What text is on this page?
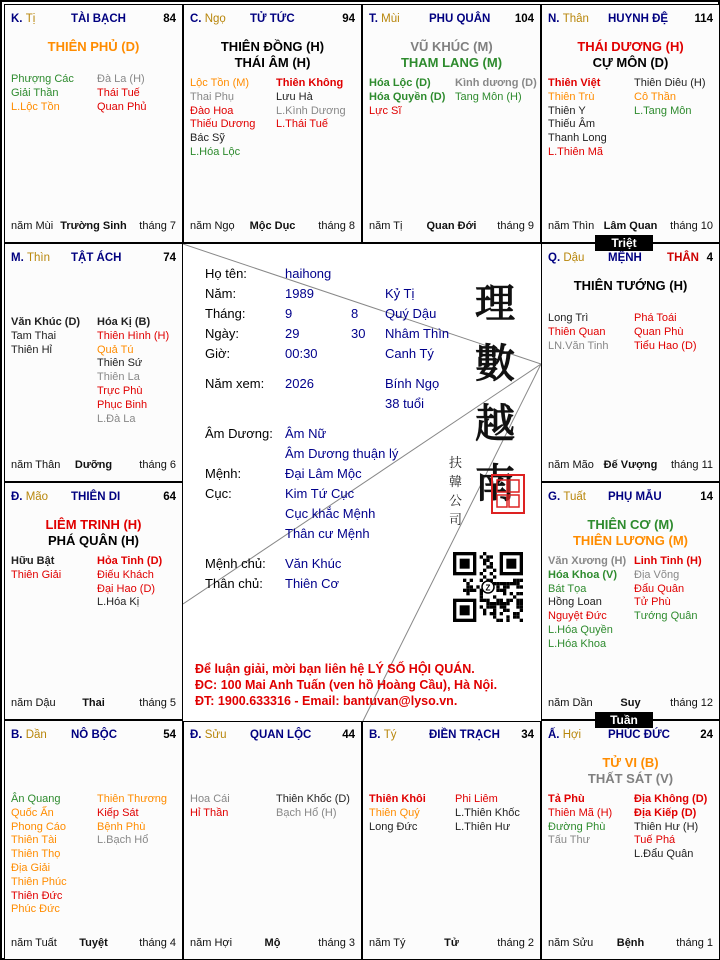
K. Tị	TÀI BẠCH	84
THIÊN PHỦ (D)
Phượng Các
Giải Thần
L.Lộc Tồn
Đà La (H)
Thái Tuế
Quan Phủ
năm Mùi Trường Sinh tháng 7
C. Ngọ TỬ TỨC	94
THIÊN ĐỒNG (H)
THÁI ÂM (H)
Lộc Tồn (M)
Thai Phụ
Đào Hoa
Thiếu Dương
Bác Sỹ
L.Hóa Lộc
Thiên Không
Lưu Hà
L.Kình Dương
L.Thái Tuế
năm Ngọ Mộc Dục tháng 8
T. Mùi	PHU QUÂN 104
VŨ KHÚC (M)
THAM LANG (M)
Hóa Lộc (D)
Hóa Quyền (D)
Lực Sĩ
Kình dương (D)
Tang Môn (H)
năm Tị Quan Đới tháng 9
N. Thân HUYNH ĐỆ 114
THÁI DƯƠNG (H)
CỰ MÔN (D)
Thiên Việt
Thiên Trù
Thiên Y
Thiếu Âm
Thanh Long
L.Thiên Mã
Thiên Diêu (H)
Cô Thần
L.Tang Môn
năm Thìn Lâm Quan tháng 10
M. Thìn TẬT ÁCH	74
Văn Khúc (D)
Tam Thai
Thiên Hỉ
Hóa Kị (B)
Thiên Hình (H)
Quả Tú
Thiên Sứ
Thiên La
Trực Phù
Phục Binh
L.Đà La
năm Thân Dưỡng tháng 6
Q. Dậu MỆNH THÂN 4
THIÊN TƯỚNG (H)
Long Trì
Thiên Quan
LN.Văn Tinh
Phá Toái
Quan Phù
Tiểu Hao (D)
năm Mão Đế Vượng tháng 11
Đ. Mão THIÊN DI	64
LIÊM TRINH (H)
PHÁ QUÂN (H)
Hữu Bật
Thiên Giải
Hỏa Tinh (D)
Điếu Khách
Đại Hao (D)
L.Hóa Kị
năm Dậu Thai	tháng 5
G. Tuất PHỤ MẪU	14
THIÊN CƠ (M)
THIÊN LƯƠNG (M)
Văn Xương (H)
Hóa Khoa (V)
Bát Tọa
Hồng Loan
Nguyệt Đức
L.Hóa Quyền
L.Hóa Khoa
Linh Tinh (H)
Địa Võng
Đẩu Quân
Tử Phù
Tướng Quân
năm Dần	Suy	tháng 12
B. Dần NÔ BỘC	54
Ân Quang
Quốc Ấn
Phong Cáo
Thiên Tài
Thiên Thọ
Địa Giải
Thiên Phúc
Thiên Đức
Phúc Đức
Thiên Thương
Kiếp Sát
Bệnh Phù
L.Bạch Hổ
năm Tuất Tuyệt	tháng 4
Đ. Sửu QUAN LỘC	44
Hoa Cái
Hỉ Thần
Thiên Khốc (D)
Bạch Hổ (H)
năm Hợi	Mộ	tháng 3
B. Tý	ĐIỀN TRẠCH 34
Thiên Khôi
Thiên Quý
Long Đức
Phi Liêm
L.Thiên Khốc
L.Thiên Hư
năm Tý	Tử	tháng 2
Ấ. Hợi PHÚC ĐỨC	24
TỬ VI (B)
THẤT SÁT (V)
Tả Phù
Thiên Mã (H)
Đường Phù
Tấu Thư
Địa Không (D)
Địa Kiếp (D)
Thiên Hư (H)
Tuế Phá
L.Đẩu Quân
năm Sửu Bệnh	tháng 1
Họ tên:	haihong
Năm:	1989	Kỷ Tị
Tháng:	9	8 Quý Dậu
Ngày:	29	30 Nhâm Thìn
Giờ:	00:30	Canh Tý
Năm xem: 2026	Bính Ngọ
38 tuổi
Âm Dương: Âm Nữ
Âm Dương thuận lý
Mệnh:	Đại Lâm Mộc
Cục:	Kim Tứ Cục
Cục khắc Mệnh
Thân cư Mệnh
Mệnh chủ: Văn Khúc
Thân chủ: Thiên Cơ
理
數
越
南
扶
韓
公
司
Z
Để luận giải, mời bạn liên hệ LÝ SỐ HỘI QUÁN.
ĐC: 100 Mai Anh Tuấn (ven hồ Hoàng Cầu), Hà Nội.
ĐT: 1900.633316 - Email: bantuvan@lyso.vn.
Triệt
Tuần
